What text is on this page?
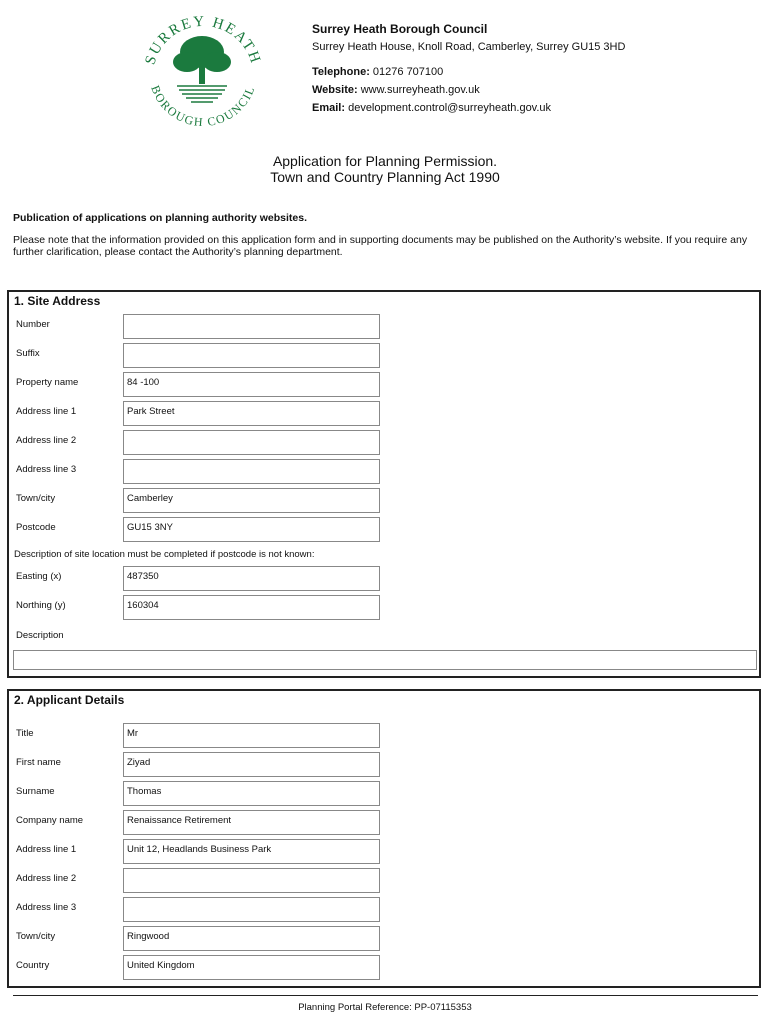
SURREY HEATH
BOROUGH COUNCIL
Surrey Heath Borough Council
Surrey Heath House, Knoll Road, Camberley, Surrey GU15 3HD
Telephone: 01276 707100
Website: www.surreyheath.gov.uk
Email: development.control@surreyheath.gov.uk
Application for Planning Permission.
Town and Country Planning Act 1990
Publication of applications on planning authority websites.
Please note that the information provided on this application form and in supporting documents may be published on the Authority’s website. If you require any further clarification, please contact the Authority’s planning department.
1. Site Address
Number
Suffix
Property name	84 -100
Address line 1	Park Street
Address line 2
Address line 3
Town/city	Camberley
Postcode	GU15 3NY
Description of site location must be completed if postcode is not known:
Easting (x)	487350
Northing (y)	160304
Description
2. Applicant Details
Title	Mr
First name	Ziyad
Surname	Thomas
Company name	Renaissance Retirement
Address line 1	Unit 12, Headlands Business Park
Address line 2
Address line 3
Town/city	Ringwood
Country	United Kingdom
Planning Portal Reference: PP-07115353
